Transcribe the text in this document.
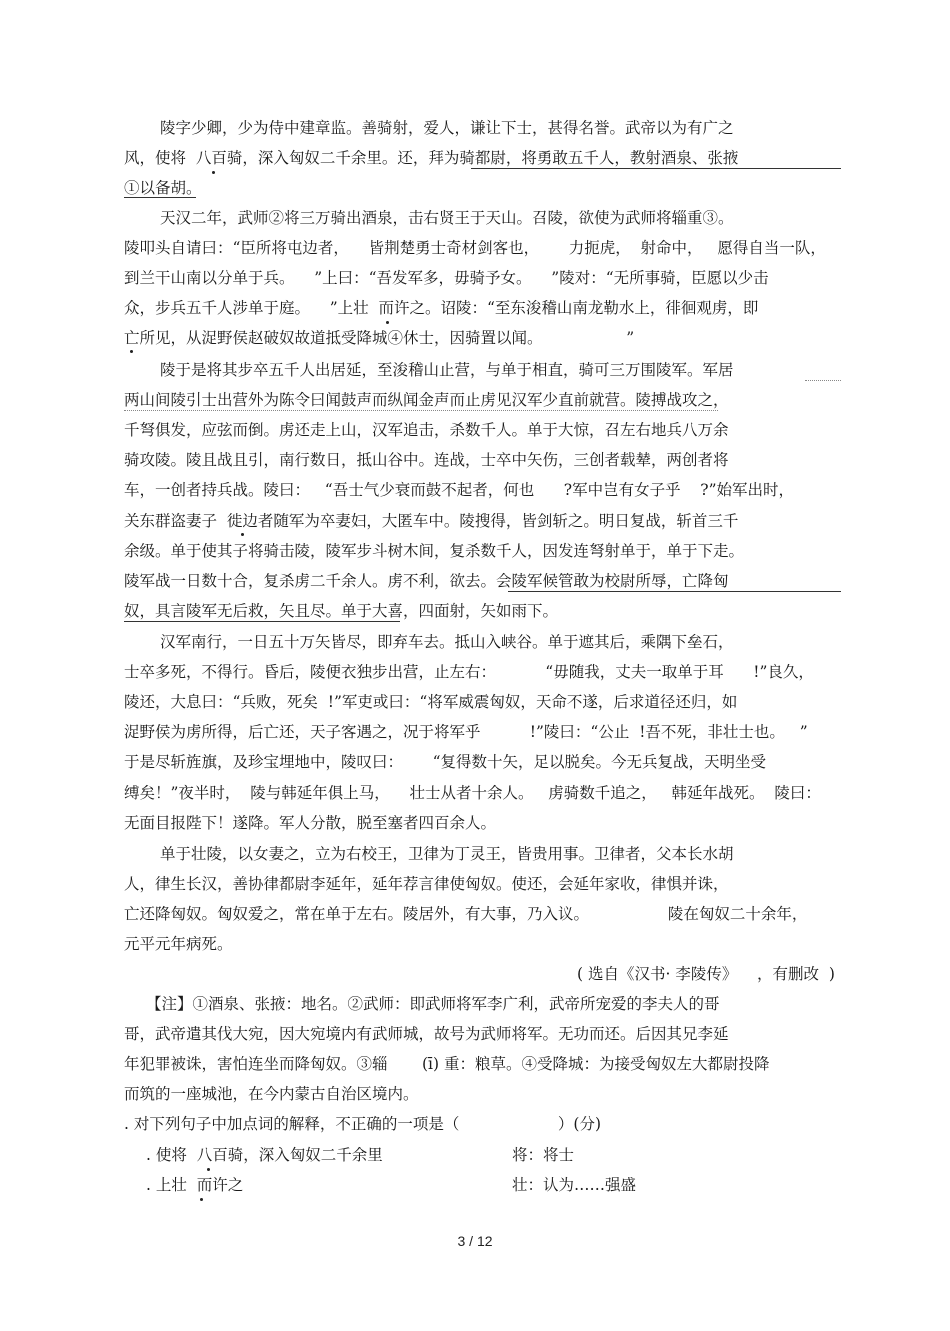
陵字少卿，少为侍中建章监。善骑射，爱人，谦让下士，甚得名誉。武帝以为有广之
风，使将  八百骑，深入匈奴二千余里。还，拜为骑都尉，将勇敢五千人，教射酒泉、张掖
①以备胡。
天汉二年，武师②将三万骑出酒泉，击右贤王于天山。召陵，欲使为武师将辎重③。
陵叩头自请曰：“臣所将屯边者，    皆荆楚勇士奇材剑客也，      力扼虎，  射命中，   愿得自当一队，
到兰干山南以分单于兵。    ”上曰：“吾发军多，毋骑予女。    ”陵对：“无所事骑，臣愿以少击
众，步兵五千人涉单于庭。    ”上壮  而许之。诏陵：“至东浚稽山南龙勒水上，徘徊观虏，即
亡所见，从浞野侯赵破奴故道抵受降城④休士，因骑置以闻。                 ”
陵于是将其步卒五千人出居延，至浚稽山止营，与单于相直，骑可三万围陵军。军居
两山间陵引士出营外为陈令曰闻鼓声而纵闻金声而止虏见汉军少直前就营。陵搏战攻之，
千弩俱发，应弦而倒。虏还走上山，汉军追击，杀数千人。单于大惊，召左右地兵八万余
骑攻陵。陵且战且引，南行数日，抵山谷中。连战，士卒中矢伤，三创者载辇，两创者将
车，一创者持兵战。陵曰：   “吾士气少衰而鼓不起者，何也      ?军中岂有女子乎    ?”始军出时，
关东群盗妻子  徙边者随军为卒妻妇，大匿车中。陵搜得，皆剑斩之。明日复战，斩首三千
余级。单于使其子将骑击陵，陵军步斗树木间，复杀数千人，因发连弩射单于，单于下走。
陵军战一日数十合，复杀虏二千余人。虏不利，欲去。会陵军候管敢为校尉所辱，亡降匈
奴，具言陵军无后救，矢且尽。单于大喜，四面射，矢如雨下。
汉军南行，一日五十万矢皆尽，即弃车去。抵山入峡谷。单于遮其后，乘隅下垒石，
士卒多死，不得行。昏后，陵便衣独步出营，止左右：          “毋随我，丈夫一取单于耳      !”良久，
陵还，大息曰：“兵败，死矣  !”军吏或曰：“将军威震匈奴，天命不遂，后求道径还归，如
浞野侯为虏所得，后亡还，天子客遇之，况于将军乎          !”陵曰：“公止  !吾不死，非壮士也。   ”
于是尽斩旌旗，及珍宝埋地中，陵叹曰：      “复得数十矢，足以脱矣。今无兵复战，天明坐受
缚矣！”夜半时，  陵与韩延年俱上马，    壮士从者十余人。   虏骑数千追之，   韩延年战死。  陵曰：
无面目报陛下！遂降。军人分散，脱至塞者四百余人。
单于壮陵，以女妻之，立为右校王，卫律为丁灵王，皆贵用事。卫律者，父本长水胡
人，律生长汉，善协律都尉李延年，延年荐言律使匈奴。使还，会延年家收，律惧并诛，
亡还降匈奴。匈奴爱之，常在单于左右。陵居外，有大事，乃入议。                陵在匈奴二十余年，
元平元年病死。
( 选自《汉书· 李陵传》    ，有删改  )
【注】①酒泉、张掖：地名。②武师：即武师将军李广利，武帝所宠爱的李夫人的哥
哥，武帝遣其伐大宛，因大宛境内有武师城，故号为武师将军。无功而还。后因其兄李延
年犯罪被诛，害怕连坐而降匈奴。③辎       (ī) 重：粮草。④受降城：为接受匈奴左大都尉投降
而筑的一座城池，在今内蒙古自治区境内。
. 对下列句子中加点词的解释，不正确的一项是（                    ）(分)
. 使将  八百骑，深入匈奴二千余里	将：将士
. 上壮  而许之	壮：认为……强盛
3 / 12
